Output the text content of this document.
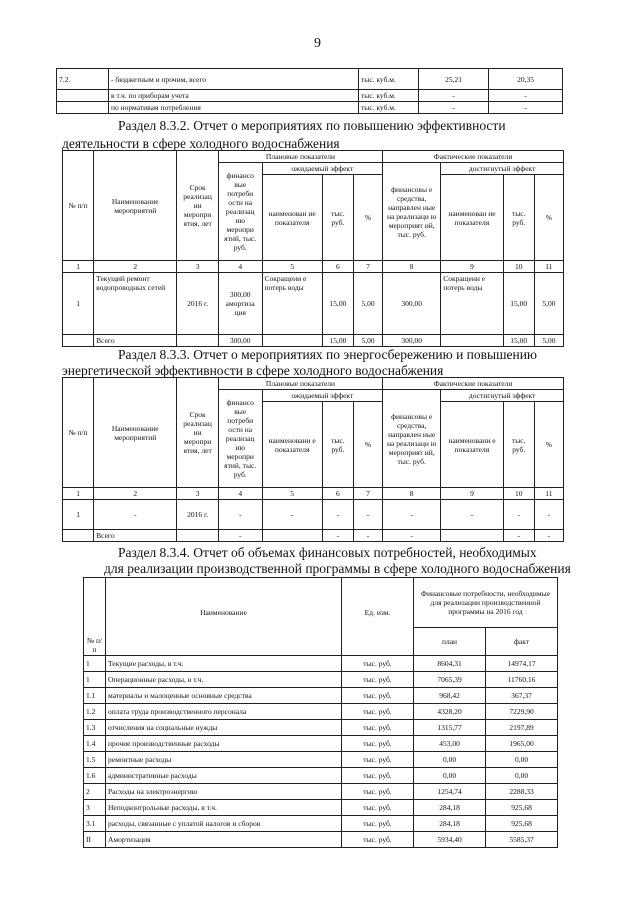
9
7.2.	- бюджетным и прочим, всего	тыс. куб.м.	25,21	20,35
	в т.ч. по приборам учета	тыс. куб.м.	-	-
	по нормативам потребления	тыс. куб.м.	-	-
Раздел 8.3.2. Отчет о мероприятиях по повышению эффективности
деятельности в сфере холодного водоснабжения
№ п/п	Наименование мероприятий	Срок реализац ии меропри ятия, лет	Плановые показатели				Фактические показатели			
			финансо вые потреби ости на реализац ию меропри ятий, тыс. руб.	ожидаемый эффект			финансовы е средства, направлен ные на реализаци ю мероприят ий, тыс. руб.	достигнутый эффект		
				наименован ие показателя	тыс. руб.	%		наименован ие показателя	тыс. руб.	%
1	2	3	4	5	6	7	8	9	10	11
1	Текущий ремонт водопроводных сетей	2016 г.	300,00 амортиза ция	Сокращени е потерь воды	15,00	5,00	300,00	Сокращени е потерь воды	15,00	5,00
	Всего		300,00		15,00	5,00	300,00		15,00	5,00
Раздел 8.3.3. Отчет о мероприятиях по энергосбережению и повышению
энергетической эффективности в сфере холодного водоснабжения
№ п/п	Наименование мероприятий	Срок реализац ии меропри ятия, лет	Плановые показатели				Фактические показатели			
			финансо вые потреби ости на реализац ию меропри ятий, тыс. руб.	ожидаемый эффект			финансовы е средства, направлен ные на реализаци ю мероприят ий, тыс. руб.	достигнутый эффект		
				наименовани е показателя	тыс. руб.	%		наименовани е показателя	тыс. руб.	%
1	2	3	4	5	6	7	8	9	10	11
1	-	2016 г.	-	-	-	-	-	-	-	-
	Всего		-		-	-	-		-	-
Раздел 8.3.4. Отчет об объемах финансовых потребностей, необходимых
для реализации производственной программы в сфере холодного водоснабжения
№ п/п	Наименование	Ед. изм.	Финансовые потребности, необходимые для реализации производственной программы на 2016 год	
			план	факт
1	Текущие расходы, в т.ч.	тыс. руб.	8604,31	14974,17
1	Операционные расходы, в т.ч.	тыс. руб.	7065,39	11760,16
1.1	материалы и малоценные основные средства	тыс. руб.	968,42	367,37
1.2	оплата труда производственного персонала	тыс. руб.	4328,20	7229,90
1.3	отчисления на социальные нужды	тыс. руб.	1315,77	2197,89
1.4	прочие производственные расходы	тыс. руб.	453,00	1965,00
1.5	ремонтные расходы	тыс. руб.	0,00	0,00
1.6	административные расходы	тыс. руб.	0,00	0,00
2	Расходы на электроэнергию	тыс. руб.	1254,74	2288,33
3	Неподконтрольные расходы, в т.ч.	тыс. руб.	284,18	925,68
3.1	расходы, связанные с уплатой налогов и сборов	тыс. руб.	284,18	925,68
II	Амортизация	тыс. руб.	5934,40	5585,37
